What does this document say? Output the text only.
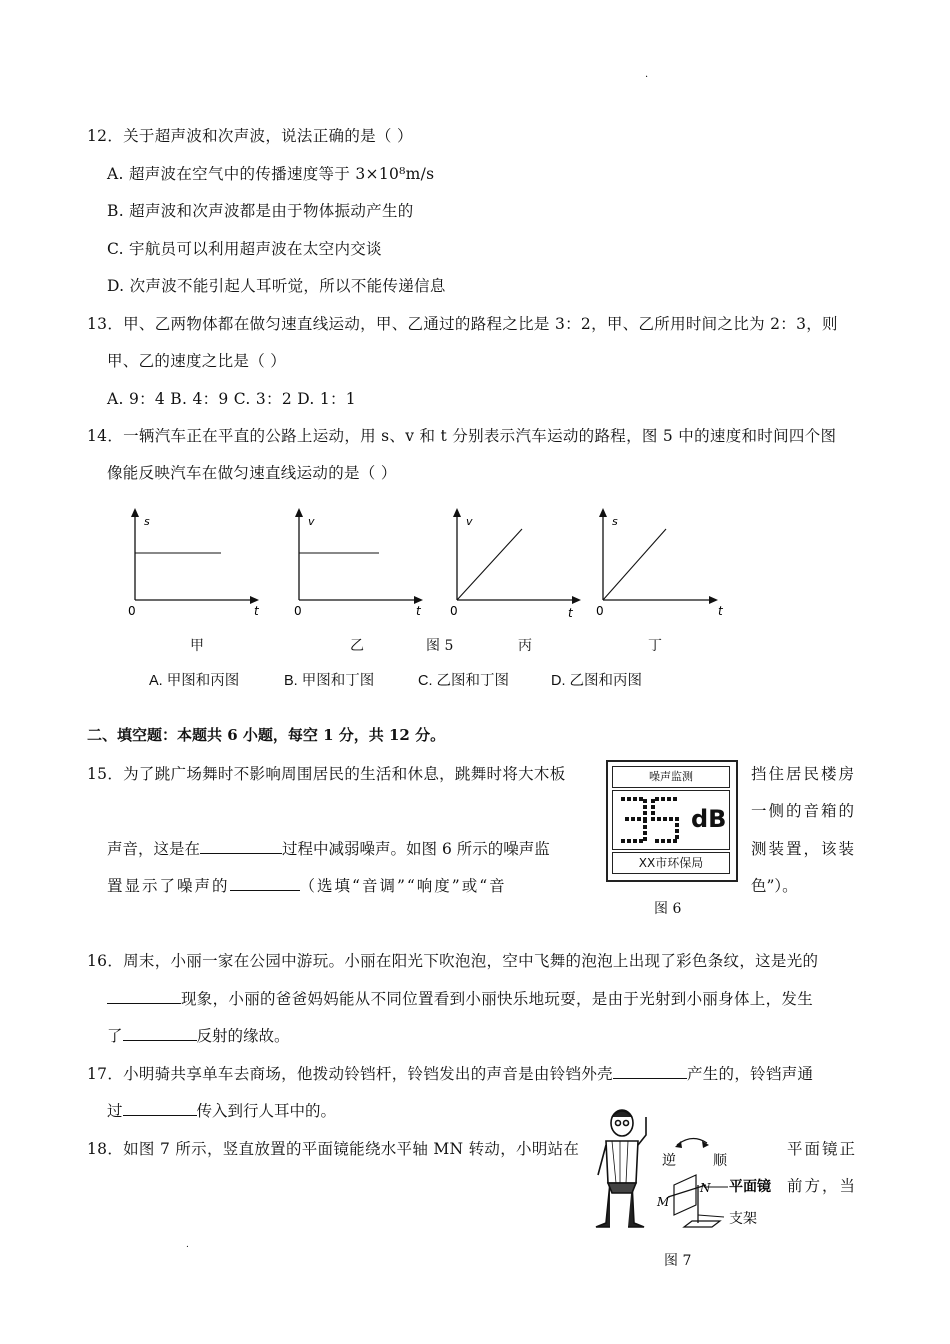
·
12．关于超声波和次声波，说法正确的是（ ）
A. 超声波在空气中的传播速度等于 3×10⁸m/s
B. 超声波和次声波都是由于物体振动产生的
C. 宇航员可以利用超声波在太空内交谈
D. 次声波不能引起人耳听觉，所以不能传递信息
13．甲、乙两物体都在做匀速直线运动，甲、乙通过的路程之比是 3：2，甲、乙所用时间之比为 2：3，则
甲、乙的速度之比是（ ）
A. 9：4 B. 4：9 C. 3：2 D. 1：1
14．一辆汽车正在平直的公路上运动，用 s、v 和 t 分别表示汽车运动的路程，图 5 中的速度和时间四个图
像能反映汽车在做匀速直线运动的是（ ）
s
0	t
v
0	t
v
0	t
s
0	t
甲	乙	图 5	丙	丁
A. 甲图和丙图	B. 甲图和丁图	C. 乙图和丁图	D. 乙图和丙图
二、填空题：本题共 6 小题，每空 1 分，共 12 分。
15．为了跳广场舞时不影响周围居民的生活和休息，跳舞时将大木板	挡住居民楼房
一侧的音箱的
声音，这是在	过程中减弱噪声。如图 6 所示的噪声监	测装置，该装
置显示了噪声的	（选填“音调”“响度”或“音	色”）。
噪声监测
dB
XX市环保局
图 6
16．周末，小丽一家在公园中游玩。小丽在阳光下吹泡泡，空中飞舞的泡泡上出现了彩色条纹，这是光的
现象，小丽的爸爸妈妈能从不同位置看到小丽快乐地玩耍，是由于光射到小丽身体上，发生
了	反射的缘故。
17．小明骑共享单车去商场，他拨动铃铛杆，铃铛发出的声音是由铃铛外壳	产生的，铃铛声通
过	传入到行人耳中的。
18．如图 7 所示，竖直放置的平面镜能绕水平轴 MN 转动，小明站在	平面镜正
前方，当
逆	顺
M
N 平面镜
支架
图 7
.
